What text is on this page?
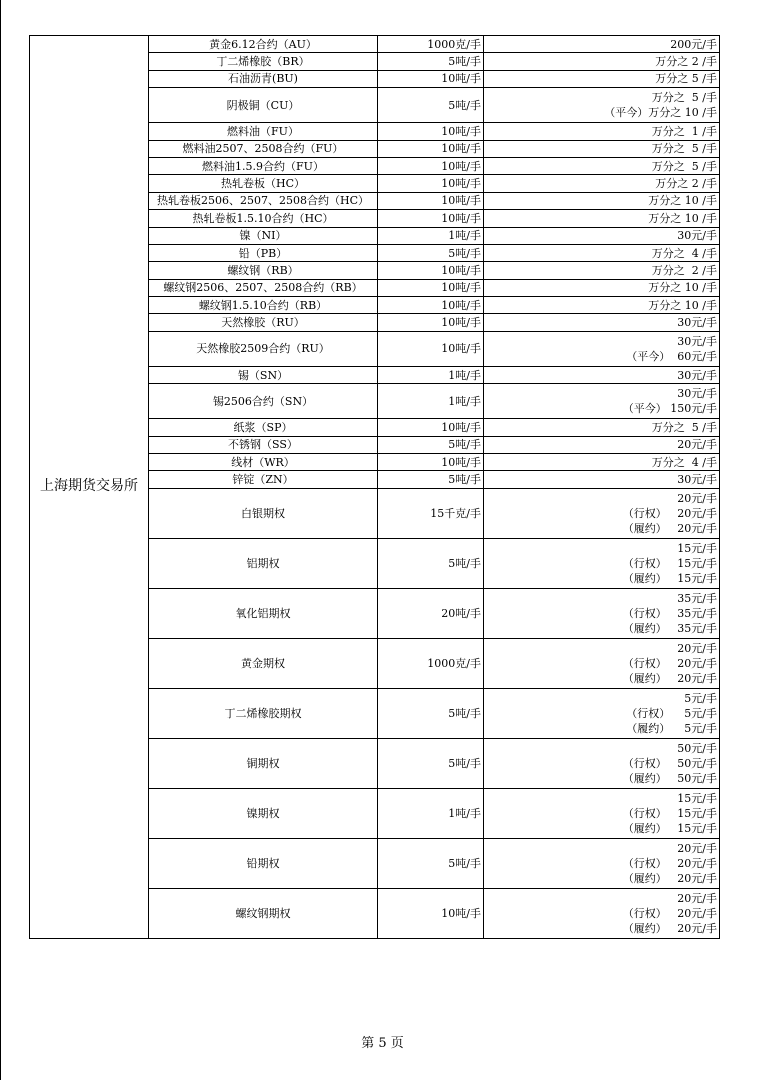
上海期货交易所	黄金6.12合约（AU）	1000克/手	200元/手

	丁二烯橡胶（BR）	5吨/手	万分之 2 /手

	石油沥青(BU)	10吨/手	万分之 5 /手

	阴极铜（CU）	5吨/手	万分之  5 /手
（平今）万分之 10 /手

	燃料油（FU）	10吨/手	万分之  1 /手

	燃料油2507、2508合约（FU）	10吨/手	万分之  5 /手

	燃料油1.5.9合约（FU）	10吨/手	万分之  5 /手

	热轧卷板（HC）	10吨/手	万分之 2 /手

	热轧卷板2506、2507、2508合约（HC）	10吨/手	万分之 10 /手

	热轧卷板1.5.10合约（HC）	10吨/手	万分之 10 /手

	镍（NI）	1吨/手	30元/手

	铅（PB）	5吨/手	万分之  4 /手

	螺纹钢（RB）	10吨/手	万分之  2 /手

	螺纹钢2506、2507、2508合约（RB）	10吨/手	万分之 10 /手

	螺纹钢1.5.10合约（RB）	10吨/手	万分之 10 /手

	天然橡胶（RU）	10吨/手	30元/手

	天然橡胶2509合约（RU）	10吨/手	30元/手
（平今）  60元/手

	锡（SN）	1吨/手	30元/手

	锡2506合约（SN）	1吨/手	30元/手
（平今） 150元/手

	纸浆（SP）	10吨/手	万分之  5 /手

	不锈钢（SS）	5吨/手	20元/手

	线材（WR）	10吨/手	万分之  4 /手

	锌锭（ZN）	5吨/手	30元/手

	白银期权	15千克/手	20元/手
（行权）   20元/手
（履约）   20元/手

	铝期权	5吨/手	15元/手
（行权）   15元/手
（履约）   15元/手

	氧化铝期权	20吨/手	35元/手
（行权）   35元/手
（履约）   35元/手

	黄金期权	1000克/手	20元/手
（行权）   20元/手
（履约）   20元/手

	丁二烯橡胶期权	5吨/手	5元/手
（行权）    5元/手
（履约）    5元/手

	铜期权	5吨/手	50元/手
（行权）   50元/手
（履约）   50元/手

	镍期权	1吨/手	15元/手
（行权）   15元/手
（履约）   15元/手

	铅期权	5吨/手	20元/手
（行权）   20元/手
（履约）   20元/手

	螺纹钢期权	10吨/手	20元/手
（行权）   20元/手
（履约）   20元/手
第 5 页
